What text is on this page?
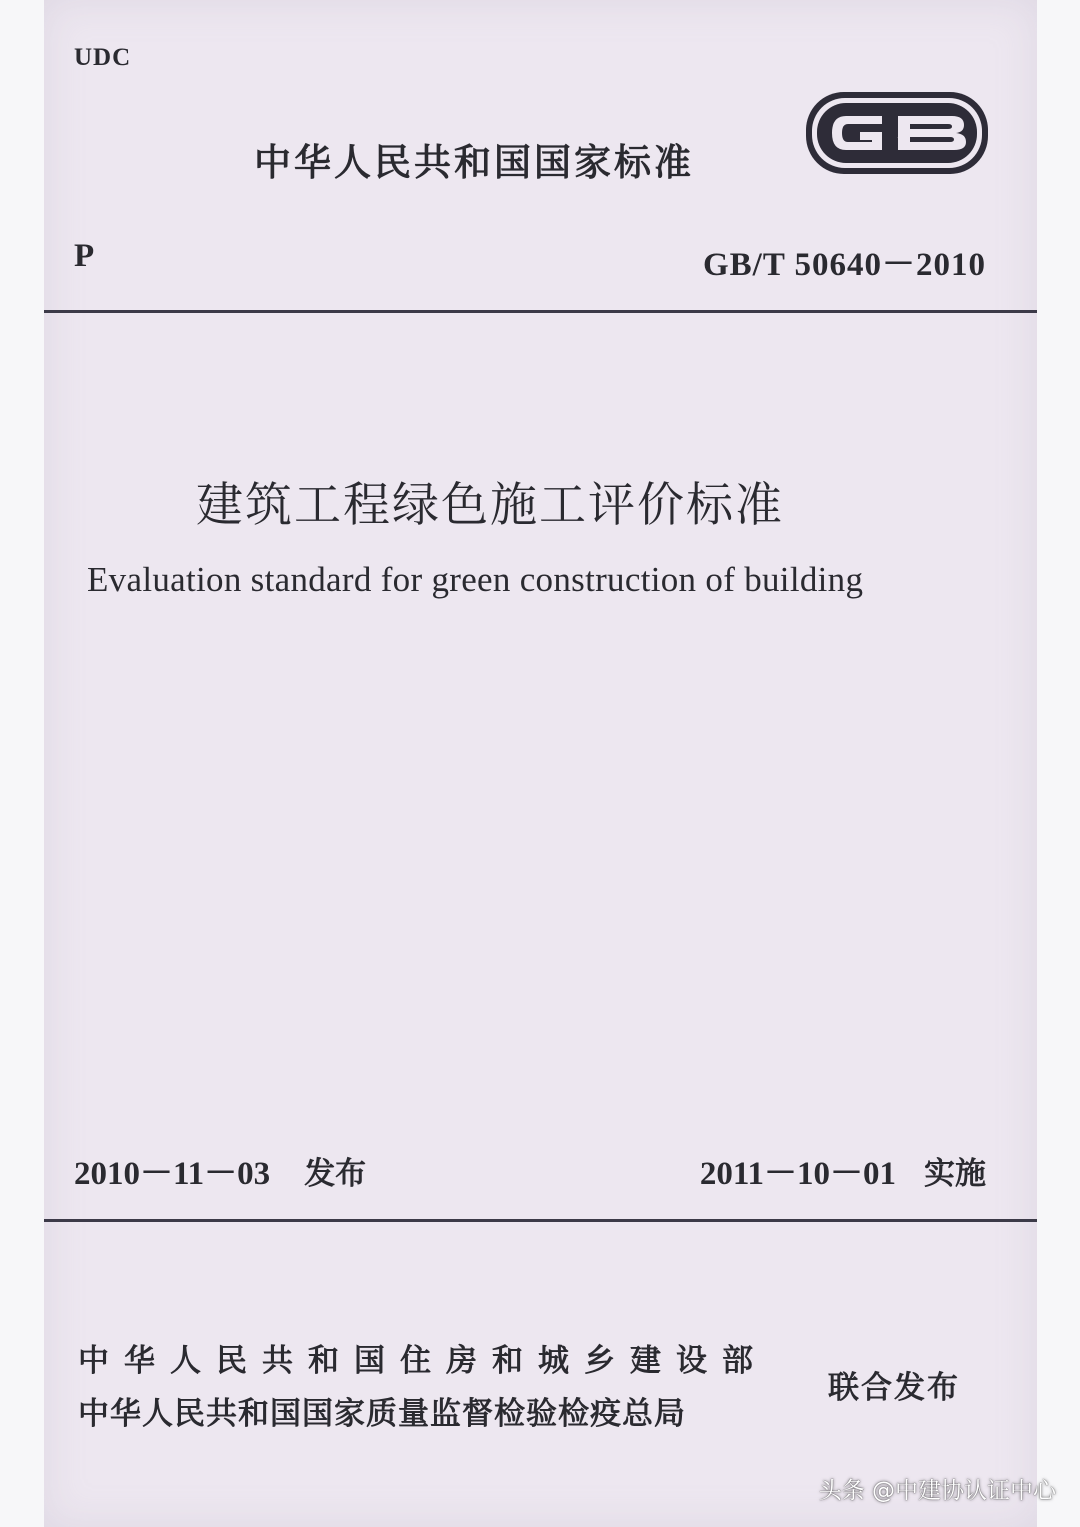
UDC
中华人民共和国国家标准
GB
P	GB/T 50640－2010
建筑工程绿色施工评价标准
Evaluation standard for green construction of building
2010－11－03 发布	2011－10－01 实施
中华人民共和国住房和城乡建设部
中华人民共和国国家质量监督检验检疫总局
联合发布
头条 @中建协认证中心
